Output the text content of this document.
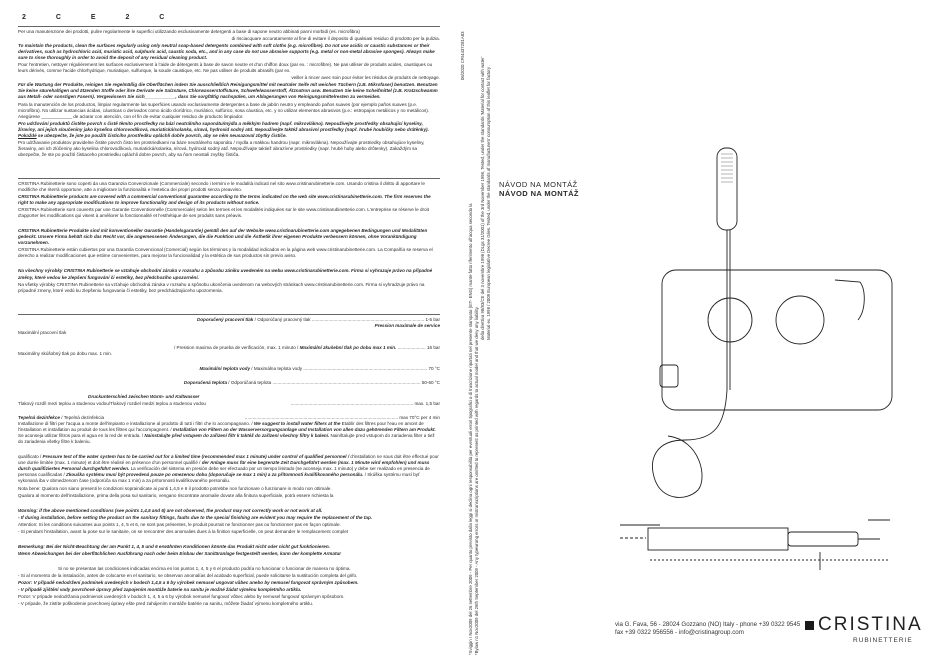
2 Č E 2 Č
Per una manutenzione dei prodotti, pulire regolarmente le superfici utilizzando esclusivamente detergenti a base di sapone neutro abbinati panni morbidi (es. microfibra)
di risciacquare accuratamente al fine di evitare il deposito di qualsiasi residuo di prodotto per la pulizia.
To maintain the products, clean the surfaces regularly using only neutral soap-based detergents combined with soft cloths (e.g. microfibre). Do not use acidic or caustic substances or their derivatives, such as hydrochloric acid, muriatic acid, sulphuric acid, caustic soda, etc., and in any case do not use abrasive supports (e.g. metal or non-metal abrasive sponges). Always make sure to rinse thoroughly in order to avoid the deposit of any residual cleaning product.
Pour l'entretien, nettoyer régulièrement les surfaces exclusivement à l'aide de détergents à base de savon neutre et d'un chiffon doux (par ex. : microfibre). Ne pas utiliser de produits acides, caustiques ou leurs dérivés, comme l'acide chlorhydrique, muriatique, sulfurique, la soude caustique, etc. Ne pas utiliser de produits abrasifs (par ex.
veiller à rincer avec soin pour éviter les résidus de produits de nettoyage.
Für die Wartung der Produkte, reinigen Sie regelmäßig die Oberflächen indem Sie ausschließlich Reinigungsmittel mit neutraler Seife mit weichen Tüchern (z.B. Mikrofaser) benutzen. Benutzen Sie keine säurehaltigen und ätzenden Stoffe oder ihre Derivate wie Salzsäure, Chlorwasserstoffsäure, Schwefelwasserstoff, Ätznatron usw. Benutzen Sie keine Scheifmittel (z.B. Kratzschwamm aus Metall- oder sonstigen Fasern). Vergewissern Sie sich____________, dass Sie sorgfältig nachspülen, um Ablagerungen von Reinigungsmittelresten zu vermeiden.
Para la manutención de los productos, limpiar regularmente las superficies usando exclusivamente detergentes a base de jabón neutro y empleando paños suaves (por ejemplo paños suaves (p.e. microfibra). No utilizar sustancias ácidas, cáusticas o derivados como ácido clorídrico, muriático, sulfúrico, sosa cáustica, etc. y no utilizar elementos abrasivos (p.e.: estropajos metálicos y no metálicos). Asegúrese ____________ de aclarar con atención, con el fin de evitar cualquier residuo de producto limpiador.
Pro udržování produktů čistěte povrch s čistě těmito prostředky na bázi neutrálního saponátu/mýdla a měkkým hadrem (např. mikrovlákno). Nepoužívejte prostředky obsahující kyseliny, žíraviny, ani jejich sloučeniny jako kyselina chlorovodíková, muriatická/solanka, síravá, hydroxid sodný atd. Nepoužívejte taktéž abrasivní prostředky (např. hrubé houbičky nebo drátěnky). Pokaždé se ubezpečte, že jste po použití čisticího prostředku opláchli dobře povrch, aby se něm neusazoval zbytky čističe.
Pro udržiavanie produktov pravidelne čistite povrch čisto len prostriedkami na báze neutrálneho saponátu / mydla a mäkkou handrou (napr. mikrovlákna). Nepoužívajte prostriedky obsahujúce kyseliny, žieraviny, ani ich zlúčeniny ako kyselina chlorovodíková, muriatická/solanka, sírová, hydroxid sodný atď. Nepoužívajte taktiež abrazívne prostriedky (napr. hrubé huby alebo drôtenky). Zakaždým sa ubezpečte, že ste po použití čistiaceho prostriedku opláchli dobre povrch, aby sa ňom neostali zvyšky čističa.
CRISTINA Rubinetterie sono coperti da una Garanzia Convenzionale (Commerciale) secondo i termini e le modalità indicati nel sito www.cristinarubinetterie.com. Usando cristina il diritto di apportare le modifiche che riterrà opportune, atte a migliorare la funzionalità e l'estetica dei propri prodotti senza preavviso.
CRISTINA Rubinetterie products are covered with a commercial conventional guarantee according to the terms indicated on the web site www.cristinarubinetterie.com. The firm reserves the right to make any appropriate modifications to improve functionality and design of its products without notice.
CRISTINA Rubinetterie sont couverts par une Garantie Conventionnelle (Commerciale) selon les termes et les modalités indiquées sur le site www.cristinarubinetterie.com. L'entreprise se réserve le droit d'apporter les modifications qui visent à améliorer la fonctionnalité et l'esthétique de ses produits sans préavis.
CRISTINA Rubinetterie Produkte sind mit konventioneller Garantie (Handelsgarantie) gemäß den auf der Website www.cristinarubinetterie.com angegebenen Bedingungen und Modalitäten gedeckt. Unsere Firma behält sich das Recht vor, die angemessenen Änderungen, die die Funktion und die Ästhetik ihrer eigenen Produkte verbessern können, ohne Vorankündigung vorzunehmen.
CRISTINA Rubinetterie están cubiertos por una Garantía Convencional (Comercial) según los términos y la modalidad indicados en la página web www.cristinarubinetterie.com. La Compañía se reserva el derecho a realizar modificaciones que estime convenientes, para mejorar la funcionalidad y la estética de sus productos sin previo aviso.
Na všechny výrobky CRISTINA Rubinetterie se vztahuje obchodní záruka v rozsahu a způsobu zániku uvedeném na webu www.cristinarubinetterie.com. Firma si vyhrazuje právo na případné změny, které vedou ke zlepšení fungování či estetiky, bez předchozího upozornění.
Na všetky výrobky CRISTINA Rubinetterie sa vzťahuje obchodná záruka v rozsahu a spôsobu ukončenia uvedenom na webových stránkach www.cristinarubinetterie.com. Firma si vyhradzuje právo na prípadné zmeny, ktoré vedú ku zlepšeniu fungovania či estetiky, bez predchádzajúceho upozornenia.
Doporučený pracovní tlak / Odporúčaný pracovný tlak ........................................................................................ 1-5 bar
Pression maximale de service
Maximální pracovní tlak
/ Pression maxima de prueba de verificación, max. 1 minuto / Maximální zkušební tlak po dobu max 1 min. ...................... 16 bar
Maximálny skúšobný tlak po dobu max. 1 min.
Maximální teplota vody / Maximálna teplota vody ................................................................................................. 70 °C
Doporučená teplota / Odporúčaná teplota .................................................................................................................... 50-60 °C
Druckunterschied zwischen Warm- und Kaltwasser
Tlakový rozdíl mezi teplou a studenou vodou/Tlakový rozdiel medzi teplou a studenou vodou	................................................................................................ max. 1,5 bar
Tepelná dezinfekce / Tepelná dezinfekcia	........................................................................................................................ max 70°C per 4 min
Installazione di filtri per l'acqua a monte dell'impianto e installazione al prodotto di tutti i filtri che lo accompagnano. / We suggest to install water filters at the Etablir des filtres pour l'eau en amont de l'installation et installation au produit de tous les filtres qui l'accompagnent. / Installation von Filtern an der Wasserversorgungsanlage und Installation von allen dazu gehörenden Filtern am Produkt. Se aconseja utilizar filtros para el agua en la red de entrada. / Nainstalujte před vstupem do zařízení filtr k taktéž do zařízení všechny filtry k balení. Nainštalujte pred vstupom do zariadenia filter a tiež do zariadenia všetky filtre k baleniu.
qualificato / Pressure test of the water system has to be carried out for a limited time (recommended max 1 minute) under control of qualified personnel / d'installation ne sous doit être effectué pour une durée limitée (max. 1 minute) et doit être réalisé en présence d'un personnel qualifié / der Anlage muss für eine begrenzte Zeit Durchgeführt werden (max. 1 Minute wird empfohlen) und muss durch qualifiziertes Personal durchgeführt werden. La verificación del sistema en presión debe ser efectuado por un tiempo limitado (se aconseja max. 1 minuto) y debe ser realizado en presencia de personas cualificadas / Zkouška systému musí být provedená pouze po omezenou dobu (doporučuje se max 1 min) a za přítomnosti kvalifikovaného personálu. / Skúška systému musí byť vykonaná iba v obmedzenom čase (odporúča sa max 1 min) a za prítomnosti kvalifikovaného personálu.
Nota bene: Qualora non siano presenti le condizioni sopraindicate ai punti 1,4,5 e 6 il prodotto potrebbe non funzionare o funzionare in modo non ottimale.
Qualora al momento dell'installazione, prima della posa sul sanitario, vengano riscontrate anomalie dovute alla finitura superficiale, potrà essere richiesta la
Warning: if the above mentioned conditions (see points 1,4,5 and 6) are not observed, the product may not correctly work or not work at all.
- If during installation, before setting the product on the sanitary fittings, faults due to the special finishing are evident you may require the replacement of the tap.
Attention: Si les conditions suivantes aux points 1, 4, 5 et 6, ne sont pas présentes, le produit pourrait ne fonctionner pas ou fonctionner pas en façon optimale.
- Si pendant l'installation, avant la pose sur le sanitaire, on se rencontrer des anomalies dues à la finition superficielle, on peut demander le remplacement complet
Bemerkung: Bei der Nicht-Beachtung der am Punkt 1, 4, 5 und 6 erwähnten Konditionen könnte das Produkt nicht oder nicht gut funktionieren.
Wenn Abweichungen bei der oberflächlichen Ausführung nach oder beim Einbau der Sanitäranlage festgestellt werden, kann der komplette Armatur
Si no se presentan las condiciones indicadas encima en los puntos 1, 4, 5 y 6 el producto podría no funcionar o funcionar de manera no óptima.
- Si al momento de la instalación, antes de colocarse en el sanitario, se observan anomalías del acabado superficial, puede solicitarse la sustitución completa del grifo.
Pozor: V případě nedodržení podmínek uvedených v bodech 1,4,5 a 6 by výrobek nemusel ungovat vůbec anebo by nemusel fungovat správným způsobem.
- V případě zjištění vady povrchové úpravy před zapojením montáže baterie na sanitu je možné žádat výměnu kompletního artiklu.
Pozor: V prípade nedodržania podmienok uvedených v bodoch 1, 4, 5 a 6 by výrobok nemusel fungovať vôbec alebo by nemusel fungovať správnym spôsobom.
- V prípade, že zistíte poškodenie povrchovej úpravy ešte pred zahájením montáže batérie na sanitu, môžete žiadať výmenu kompletného artiklu.
06/2020 CRI4437281A83
*Sviggin I Nov2009 del 26 settembre 2009 - Per quanto previsto dalla leggi si declina ogni responsabilità per eventuali errori tipografici o di trascrizione riportati nel presente stampato (IIIT- ENG) mante fatto riferimento all'acqua secondo la *Bylaw n1 Nov2009 del 26th September 2009 - Any typewrong errors or mistranscriptions are omitted to represent as printed with regards to actual model and that we deny any liability.
della direttiva 98/83/CE del 3 novembre 1998 (DLgs 31/2001) of the 3rd November 1998, Tested, under the standards 'Material for contact with water' Material ex. 1998 / 2009 European legislative Decree Giles. Tested, under the standards of manufacturers' consumption of this leaflet for factory . NÁVOD NA MONTÁŽ
NÁVOD NA MONTÁŽ
via G. Fava, 56 - 28024 Gozzano (NO) Italy - phone +39 0322 9545
fax +39 0322 956556 - info@cristinagroup.com	CRISTINA
RUBINETTERIE
